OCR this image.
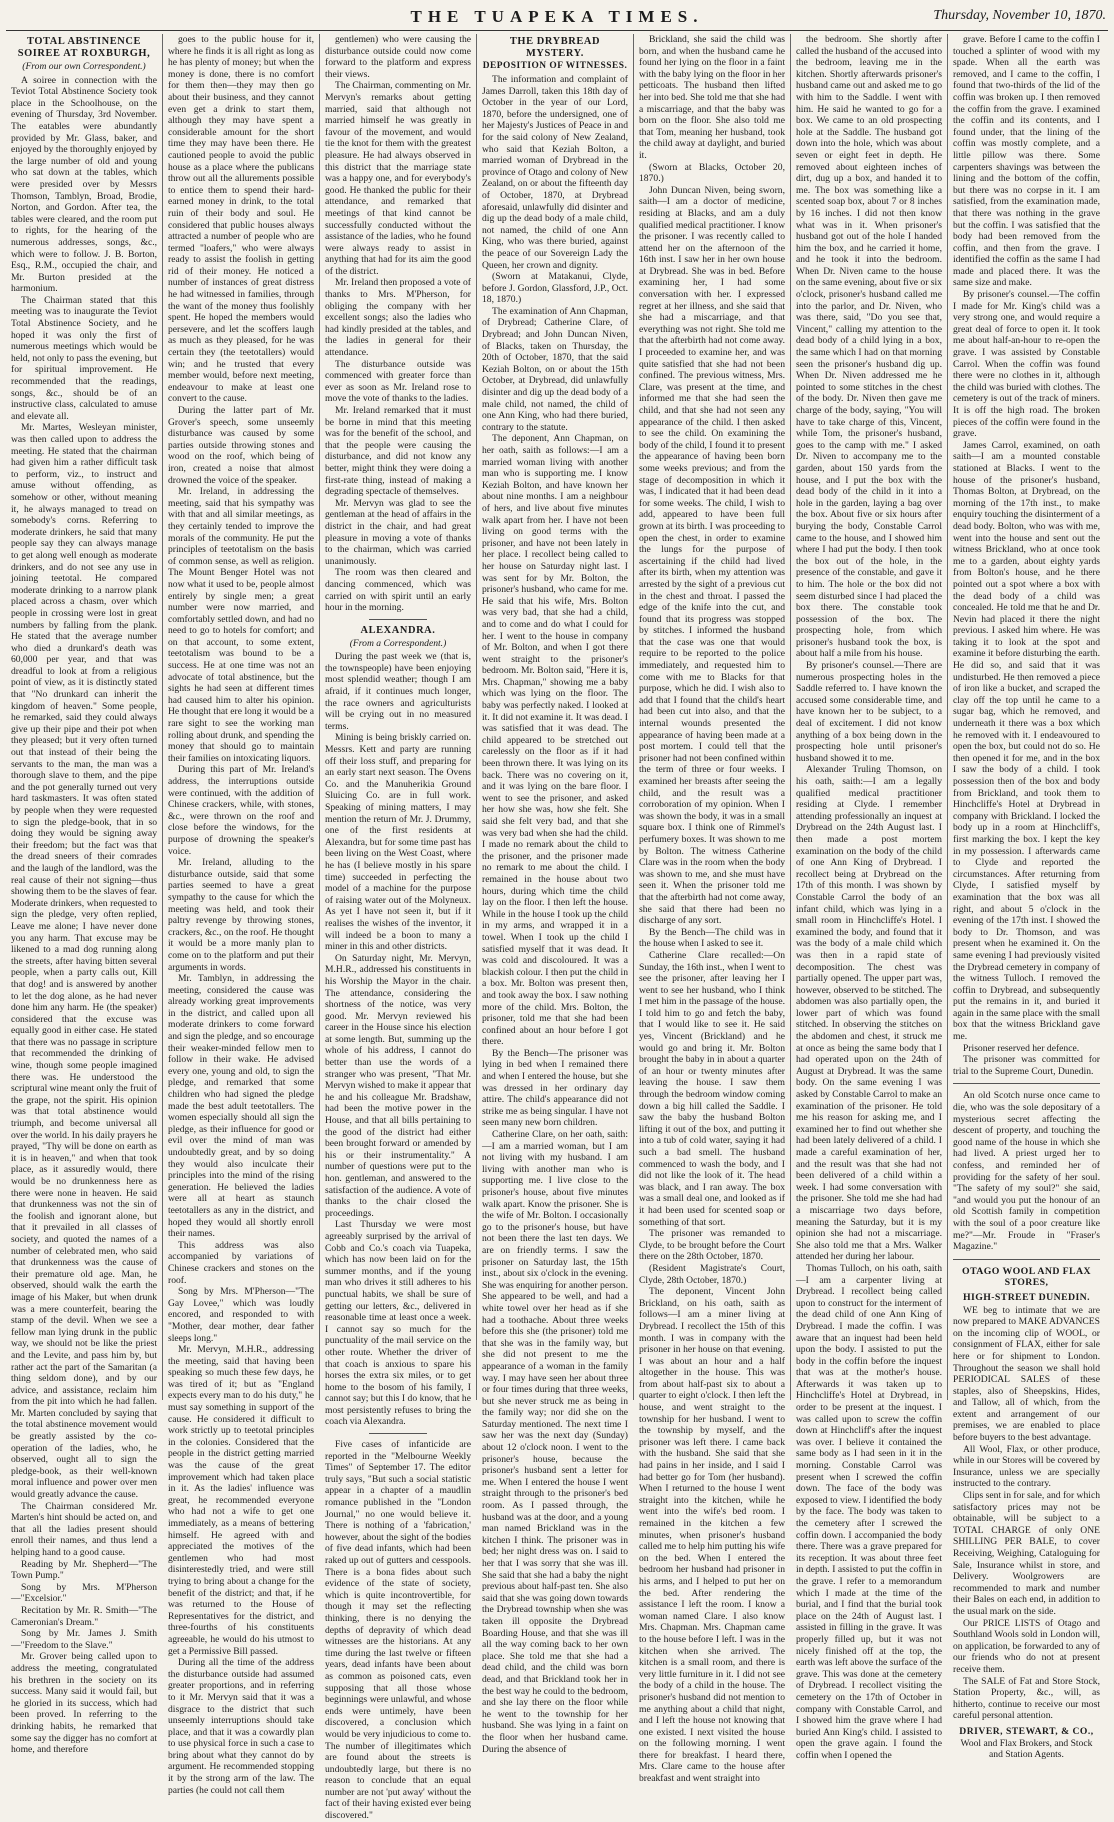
THE TUAPEKA TIMES.	Thursday, November 10, 1870.
TOTAL ABSTINENCE SOIREE AT ROXBURGH,

(From our own Correspondent.)

A soiree in connection with the Teviot Total Abstinence Society took place in the Schoolhouse, on the evening of Thursday, 3rd November. The eatables were abundantly provided by Mr. Glass, baker, and enjoyed by the thoroughly enjoyed by the large number of old and young who sat down at the tables, which were presided over by Messrs Thomson, Tamblyn, Broad, Brodie, Norton, and Gordon. After tea, the tables were cleared, and the room put to rights, for the hearing of the numerous addresses, songs, &c., which were to follow. J. B. Borton, Esq., R.M., occupied the chair, and Mr. Burton presided at the harmonium.

The Chairman stated that this meeting was to inaugurate the Teviot Total Abstinence Society, and he hoped it was only the first of numerous meetings which would be held, not only to pass the evening, but for spiritual improvement. He recommended that the readings, songs, &c., should be of an instructive class, calculated to amuse and elevate all.

Mr. Martes, Wesleyan minister, was then called upon to address the meeting. He stated that the chairman had given him a rather difficult task to perform, viz., to instruct and amuse without offending, as somehow or other, without meaning it, he always managed to tread on somebody's corns. Referring to moderate drinkers, he said that many people say they can always manage to get along well enough as moderate drinkers, and do not see any use in joining teetotal. He compared moderate drinking to a narrow plank placed across a chasm, over which people in crossing were lost in great numbers by falling from the plank. He stated that the average number who died a drunkard's death was 60,000 per year, and that was dreadful to look at from a religious point of view, as it is distinctly stated that "No drunkard can inherit the kingdom of heaven." Some people, he remarked, said they could always give up their pipe and their pot when they pleased; but it very often turned out that instead of their being the servants to the man, the man was a thorough slave to them, and the pipe and the pot generally turned out very hard taskmasters. It was often stated by people when they were requested to sign the pledge-book, that in so doing they would be signing away their freedom; but the fact was that the dread sneers of their comrades and the laugh of the landlord, was the real cause of their not signing—thus showing them to be the slaves of fear. Moderate drinkers, when requested to sign the pledge, very often replied, Leave me alone; I have never done you any harm. That excuse may be likened to a mad dog running along the streets, after having bitten several people, when a party calls out, Kill that dog! and is answered by another to let the dog alone, as he had never done him any harm. He (the speaker) considered that the excuse was equally good in either case. He stated that there was no passage in scripture that recommended the drinking of wine, though some people imagined there was. He understood the scriptural wine meant only the fruit of the grape, not the spirit. His opinion was that total abstinence would triumph, and become universal all over the world. In his daily prayers he prayed, "Thy will be done on earth as it is in heaven," and when that took place, as it assuredly would, there would be no drunkenness here as there were none in heaven. He said that drunkenness was not the sin of the foolish and ignorant alone, but that it prevailed in all classes of society, and quoted the names of a number of celebrated men, who said that drunkenness was the cause of their premature old age. Man, he observed, should walk the earth the image of his Maker, but when drunk was a mere counterfeit, bearing the stamp of the devil. When we see a fellow man lying drunk in the public way, we should not be like the priest and the Levite, and pass him by, but rather act the part of the Samaritan (a thing seldom done), and by our advice, and assistance, reclaim him from the pit into which he had fallen. Mr. Marten concluded by saying that the total abstinence movement would be greatly assisted by the co-operation of the ladies, who, he observed, ought all to sign the pledge-book, as their well-known moral influence and power over men would greatly advance the cause.

The Chairman considered Mr. Marten's hint should be acted on, and that all the ladies present should enroll their names, and thus lend a helping hand to a good cause.

Reading by Mr. Shepherd—"The Town Pump."

Song by Mrs. M'Pherson—"Excelsior."

Recitation by Mr. R. Smith—"The Cameronian's Dream."

Song by Mr. James J. Smith—"Freedom to the Slave."

Mr. Grover being called upon to address the meeting, congratulated his brethren in the society on its success. Many said it would fail, but he gloried in its success, which had been proved. In referring to the drinking habits, he remarked that some say the digger has no comfort at home, and therefore

goes to the public house for it, where he finds it is all right as long as he has plenty of money; but when the money is done, there is no comfort for them then—they may then go about their business, and they cannot even get a drink to start them, although they may have spent a considerable amount for the short time they may have been there. He cautioned people to avoid the public house as a place where the publicans throw out all the allurements possible to entice them to spend their hard-earned money in drink, to the total ruin of their body and soul. He considered that public houses always attracted a number of people who are termed "loafers," who were always ready to assist the foolish in getting rid of their money. He noticed a number of instances of great distress he had witnessed in families, through the want of the money thus foolishly spent. He hoped the members would persevere, and let the scoffers laugh as much as they pleased, for he was certain they (the teetotallers) would win; and he trusted that every member would, before next meeting, endeavour to make at least one convert to the cause.

During the latter part of Mr. Grover's speech, some unseemly disturbance was caused by some parties outside throwing stones and wood on the roof, which being of iron, created a noise that almost drowned the voice of the speaker.

Mr. Ireland, in addressing the meeting, said that his sympathy was with that and all similar meetings, as they certainly tended to improve the morals of the community. He put the principles of teetotalism on the basis of common sense, as well as religion. The Mount Benger Hotel was not now what it used to be, people almost entirely by single men; a great number were now married, and comfortably settled down, and had no need to go to hotels for comfort; and on that account, to some extent, teetotalism was bound to be a success. He at one time was not an advocate of total abstinence, but the sights he had seen at different times had caused him to alter his opinion. He thought that ere long it would be a rare sight to see the working man rolling about drunk, and spending the money that should go to maintain their families on intoxicating liquors.

During this part of Mr. Ireland's address, the interruptions outside were continued, with the addition of Chinese crackers, while, with stones, &c., were thrown on the roof and close before the windows, for the purpose of drowning the speaker's voice.

Mr. Ireland, alluding to the disturbance outside, said that some parties seemed to have a great sympathy to the cause for which the meeting was held, and took their paltry revenge by throwing stones, crackers, &c., on the roof. He thought it would be a more manly plan to come on to the platform and put their arguments in words.

Mr. Tamblyn, in addressing the meeting, considered the cause was already working great improvements in the district, and called upon all moderate drinkers to come forward and sign the pledge, and so encourage their weaker-minded fellow men to follow in their wake. He advised every one, young and old, to sign the pledge, and remarked that some children who had signed the pledge made the best adult teetotallers. The women especially should all sign the pledge, as their influence for good or evil over the mind of man was undoubtedly great, and by so doing they would also inculcate their principles into the mind of the rising generation. He believed the ladies were all at heart as staunch teetotallers as any in the district, and hoped they would all shortly enroll their names.

This address was also accompanied by variations of Chinese crackers and stones on the roof.

Song by Mrs. M'Pherson—"The Gay Lovee," which was loudly encored, and responded to with "Mother, dear mother, dear father sleeps long."

Mr. Mervyn, M.H.R., addressing the meeting, said that having been speaking so much these few days, he was tired of it; but as "England expects every man to do his duty," he must say something in support of the cause. He considered it difficult to work strictly up to teetotal principles in the colonies. Considered that the people in the district getting married was the cause of the great improvement which had taken place in it. As the ladies' influence was great, he recommended everyone who had not a wife to get one immediately, as a means of bettering himself. He agreed with and appreciated the motives of the gentlemen who had most disinterestedly tried, and were still trying to bring about a change for the benefit of the district; and that, if he was returned to the House of Representatives for the district, and three-fourths of his constituents agreeable, he would do his utmost to get a Permissive Bill passed.

During all the time of the address the disturbance outside had assumed greater proportions, and in referring to it Mr. Mervyn said that it was a disgrace to the district that such unseemly interruptions should take place, and that it was a cowardly plan to use physical force in such a case to bring about what they cannot do by argument. He recommended stopping it by the strong arm of the law. The parties (he could not call them

gentlemen) who were causing the disturbance outside could now come forward to the platform and express their views.

The Chairman, commenting on Mr. Mervyn's remarks about getting married, said that although not married himself he was greatly in favour of the movement, and would tie the knot for them with the greatest pleasure. He had always observed in this district that the marriage state was a happy one, and for everybody's good. He thanked the public for their attendance, and remarked that meetings of that kind cannot be successfully conducted without the assistance of the ladies, who he found were always ready to assist in anything that had for its aim the good of the district.

Mr. Ireland then proposed a vote of thanks to Mrs. M'Pherson, for obliging the company with her excellent songs; also the ladies who had kindly presided at the tables, and the ladies in general for their attendance.

The disturbance outside was commenced with greater force than ever as soon as Mr. Ireland rose to move the vote of thanks to the ladies.

Mr. Ireland remarked that it must be borne in mind that this meeting was for the benefit of the school, and that the people were causing the disturbance, and did not know any better, might think they were doing a first-rate thing, instead of making a degrading spectacle of themselves.

Mr. Mervyn was glad to see the gentleman at the head of affairs in the district in the chair, and had great pleasure in moving a vote of thanks to the chairman, which was carried unanimously.

The room was then cleared and dancing commenced, which was carried on with spirit until an early hour in the morning.

ALEXANDRA.

(From a Correspondent.)

During the past week we (that is, the townspeople) have been enjoying most splendid weather; though I am afraid, if it continues much longer, the race owners and agriculturists will be crying out in no measured terms.

Mining is being briskly carried on. Messrs. Kett and party are running off their loss stuff, and preparing for an early start next season. The Ovens Co. and the Manuherikia Ground Sluicing Co. are in full work. Speaking of mining matters, I may mention the return of Mr. J. Drummy, one of the first residents at Alexandra, but for some time past has been living on the West Coast, where he has (I believe mostly in his spare time) succeeded in perfecting the model of a machine for the purpose of raising water out of the Molyneux. As yet I have not seen it, but if it realises the wishes of the inventor, it will indeed be a boon to many a miner in this and other districts.

On Saturday night, Mr. Mervyn, M.H.R., addressed his constituents in his Worship the Mayor in the chair. The attendance, considering the shortness of the notice, was very good. Mr. Mervyn reviewed his career in the House since his election at some length. But, summing up the whole of his address, I cannot do better than use the words of a stranger who was present, "That Mr. Mervyn wished to make it appear that he and his colleague Mr. Bradshaw, had been the motive power in the House, and that all bills pertaining to the good of the district had either been brought forward or amended by his or their instrumentality." A number of questions were put to the hon. gentleman, and answered to the satisfaction of the audience. A vote of thanks to the chair closed the proceedings.

Last Thursday we were most agreeably surprised by the arrival of Cobb and Co.'s coach via Tuapeka, which has now been laid on for the summer months, and if the young man who drives it still adheres to his punctual habits, we shall be sure of getting our letters, &c., delivered in reasonable time at least once a week. I cannot say so much for the punctuality of the mail service on the other route. Whether the driver of that coach is anxious to spare his horses the extra six miles, or to get home to the bosom of his family, I cannot say; but this I do know, that he most persistently refuses to bring the coach via Alexandra.

Five cases of infanticide are reported in the "Melbourne Weekly Times" of September 17. The editor truly says, "But such a social statistic appear in a chapter of a maudlin romance published in the "London Journal," no one would believe it. There is nothing of a 'fabrication,' however, about the sight of the bodies of five dead infants, which had been raked up out of gutters and cesspools. There is a bona fides about such evidence of the state of society, which is quite incontrovertible, for though it may set the reflecting thinking, there is no denying the depths of depravity of which dead witnesses are the historians. At any time during the last twelve or fifteen years, dead infants have been about as common as poisoned cats, even supposing that all those whose beginnings were unlawful, and whose ends were untimely, have been discovered, a conclusion which would be very injudicious to come to. The number of illegitimates which are found about the streets is undoubtedly large, but there is no reason to conclude that an equal number are not 'put away' without the fact of their having existed ever being discovered."

THE DRYBREAD MYSTERY.
DEPOSITION OF WITNESSES.

The information and complaint of James Darroll, taken this 18th day of October in the year of our Lord, 1870, before the undersigned, one of her Majesty's Justices of Peace in and for the said colony of New Zealand, who said that Keziah Bolton, a married woman of Drybread in the province of Otago and colony of New Zealand, on or about the fifteenth day of October, 1870, at Drybread aforesaid, unlawfully did disinter and dig up the dead body of a male child, not named, the child of one Ann King, who was there buried, against the peace of our Sovereign Lady the Queen, her crown and dignity.

(Sworn at Matakanui, Clyde, before J. Gordon, Glassford, J.P., Oct. 18, 1870.)

The examination of Ann Chapman, of Drybread; Catherine Clare, of Drybread; and John Duncan Niven, of Blacks, taken on Thursday, the 20th of October, 1870, that the said Keziah Bolton, on or about the 15th October, at Drybread, did unlawfully disinter and dig up the dead body of a male child, not named, the child of one Ann King, who had there buried, contrary to the statute.

The deponent, Ann Chapman, on her oath, saith as follows:—I am a married woman living with another man who is supporting me. I know Keziah Bolton, and have known her about nine months. I am a neighbour of hers, and live about five minutes walk apart from her. I have not been living on good terms with the prisoner, and have not been lately in her place. I recollect being called to her house on Saturday night last. I was sent for by Mr. Bolton, the prisoner's husband, who came for me. He said that his wife, Mrs. Bolton was very bad, that she had a child, and to come and do what I could for her. I went to the house in company of Mr. Bolton, and when I got there went straight to the prisoner's bedroom. Mr. Bolton said, "Here it is, Mrs. Chapman," showing me a baby which was lying on the floor. The baby was perfectly naked. I looked at it. It did not examine it. It was dead. I was satisfied that it was dead. The child appeared to be stretched out carelessly on the floor as if it had been thrown there. It was lying on its back. There was no covering on it, and it was lying on the bare floor. I went to see the prisoner, and asked her how she was, how she felt. She said she felt very bad, and that she was very bad when she had the child. I made no remark about the child to the prisoner, and the prisoner made no remark to me about the child. I remained in the house about two hours, during which time the child lay on the floor. I then left the house. While in the house I took up the child in my arms, and wrapped it in a towel. When I took up the child I satisfied myself that it was dead. It was cold and discoloured. It was a blackish colour. I then put the child in a box. Mr. Bolton was present then, and took away the box. I saw nothing more of the child. Mrs. Bolton, the prisoner, told me that she had been confined about an hour before I got there.

By the Bench—The prisoner was lying in bed when I remained there and when I entered the house, but she was dressed in her ordinary day attire. The child's appearance did not strike me as being singular. I have not seen many new born children.

Catherine Clare, on her oath, saith:—I am a married woman, but I am not living with my husband. I am living with another man who is supporting me. I live close to the prisoner's house, about five minutes walk apart. Know the prisoner. She is the wife of Mr. Bolton. I occasionally go to the prisoner's house, but have not been there the last ten days. We are on friendly terms. I saw the prisoner on Saturday last, the 15th inst., about six o'clock in the evening. She was enquiring for another person. She appeared to be well, and had a white towel over her head as if she had a toothache. About three weeks before this she (the prisoner) told me that she was in the family way, but she did not present to me the appearance of a woman in the family way. I may have seen her about three or four times during that three weeks, but she never struck me as being in the family way; nor did she on the Saturday mentioned. The next time I saw her was the next day (Sunday) about 12 o'clock noon. I went to the prisoner's house, because the prisoner's husband sent a letter for me. When I entered the house I went straight through to the prisoner's bed room. As I passed through, the husband was at the door, and a young man named Brickland was in the kitchen I think. The prisoner was in bed; her night dress was on. I said to her that I was sorry that she was ill. She said that she had a baby the night previous about half-past ten. She also said that she was going down towards the Drybread township when she was taken ill opposite the Drybread Boarding House, and that she was ill all the way coming back to her own place. She told me that she had a dead child, and the child was born dead, and that Brickland took her in the best way he could to the bedroom, and she lay there on the floor while he went to the township for her husband. She was lying in a faint on the floor when her husband came. During the absence of

Brickland, she said the child was born, and when the husband came he found her lying on the floor in a faint with the baby lying on the floor in her petticoats. The husband then lifted her into bed. She told me that she had a miscarriage, and that the baby was born on the floor. She also told me that Tom, meaning her husband, took the child away at daylight, and buried it.

(Sworn at Blacks, October 20, 1870.)

John Duncan Niven, being sworn, saith—I am a doctor of medicine, residing at Blacks, and am a duly qualified medical practitioner. I know the prisoner. I was recently called to attend her on the afternoon of the 16th inst. I saw her in her own house at Drybread. She was in bed. Before examining her, I had some conversation with her. I expressed regret at her illness, and she said that she had a miscarriage, and that everything was not right. She told me that the afterbirth had not come away. I proceeded to examine her, and was quite satisfied that she had not been confined. The previous witness, Mrs. Clare, was present at the time, and informed me that she had seen the child, and that she had not seen any appearance of the child. I then asked to see the child. On examining the body of the child, I found it to present the appearance of having been born some weeks previous; and from the stage of decomposition in which it was, I indicated that it had been dead for some weeks. The child, I wish to add, appeared to have been full grown at its birth. I was proceeding to open the chest, in order to examine the lungs for the purpose of ascertaining if the child had lived after its birth, when my attention was arrested by the sight of a previous cut in the chest and throat. I passed the edge of the knife into the cut, and found that its progress was stopped by stitches. I informed the husband that the case was one that would require to be reported to the police immediately, and requested him to come with me to Blacks for that purpose, which he did. I wish also to add that I found that the child's heart had been cut into also, and that the internal wounds presented the appearance of having been made at a post mortem. I could tell that the prisoner had not been confined within the term of three or four weeks. I examined her breasts after seeing the child, and the result was a corroboration of my opinion. When I was shown the body, it was in a small square box. I think one of Rimmel's perfumery boxes. It was shown to me by Bolton. The witness Catherine Clare was in the room when the body was shown to me, and she must have seen it. When the prisoner told me that the afterbirth had not come away, she said that there had been no discharge of any sort.

By the Bench—The child was in the house when I asked to see it.

Catherine Clare recalled:—On Sunday, the 16th inst., when I went to see the prisoner, after leaving her I went to see her husband, who I think I met him in the passage of the house. I told him to go and fetch the baby, that I would like to see it. He said yes, Vincent (Brickland) and he would go and bring it. Mr. Bolton brought the baby in in about a quarter of an hour or twenty minutes after leaving the house. I saw them through the bedroom window coming down a big hill called the Saddle. I saw the baby the husband Bolton lifting it out of the box, and putting it into a tub of cold water, saying it had such a bad smell. The husband commenced to wash the body, and I did not like the look of it. The head was black, and I ran away. The box was a small deal one, and looked as if it had been used for scented soap or something of that sort.

The prisoner was remanded to Clyde, to be brought before the Court there on the 28th October, 1870.

(Resident Magistrate's Court, Clyde, 28th October, 1870.)

The deponent, Vincent John Brickland, on his oath, saith as follows—I am a miner living at Drybread. I recollect the 15th of this month. I was in company with the prisoner in her house on that evening. I was about an hour and a half altogether in the house. This was from about half-past six to about a quarter to eight o'clock. I then left the house, and went straight to the township for her husband. I went to the township by myself, and the prisoner was left there. I came back with the husband. She said that she had pains in her inside, and I said I had better go for Tom (her husband). When I returned to the house I went straight into the kitchen, while he went into the wife's bed room. I remained in the kitchen a few minutes, when prisoner's husband called me to help him putting his wife on the bed. When I entered the bedroom her husband had prisoner in his arms, and I helped to put her on the bed. After rendering the assistance I left the room. I know a woman named Clare. I also know Mrs. Chapman. Mrs. Chapman came to the house before I left. I was in the kitchen when she arrived. The kitchen is a small room, and there is very little furniture in it. I did not see the body of a child in the house. The prisoner's husband did not mention to me anything about a child that night, and I left the house not knowing that one existed. I next visited the house on the following morning. I went there for breakfast. I heard there, Mrs. Clare came to the house after breakfast and went straight into

the bedroom. She shortly after called the husband of the accused into the bedroom, leaving me in the kitchen. Shortly afterwards prisoner's husband came out and asked me to go with him to the Saddle. I went with him. He said he wanted to go for a box. We came to an old prospecting hole at the Saddle. The husband got down into the hole, which was about seven or eight feet in depth. He removed about eighteen inches of dirt, dug up a box, and handed it to me. The box was something like a scented soap box, about 7 or 8 inches by 16 inches. I did not then know what was in it. When prisoner's husband got out of the hole I handed him the box, and he carried it home, and he took it into the bedroom. When Dr. Niven came to the house on the same evening, about five or six o'clock, prisoner's husband called me into the parlor, and Dr. Niven, who was there, said, "Do you see that, Vincent," calling my attention to the dead body of a child lying in a box, the same which I had on that morning seen the prisoner's husband dig up. When Dr. Niven addressed me he pointed to some stitches in the chest of the body. Dr. Niven then gave me charge of the body, saying, "You will have to take charge of this, Vincent, while Tom, the prisoner's husband, goes to the camp with me." I asked Dr. Niven to accompany me to the garden, about 150 yards from the house, and I put the box with the dead body of the child in it into a hole in the garden, laying a bag over the box. About five or six hours after burying the body, Constable Carrol came to the house, and I showed him where I had put the body. I then took the box out of the hole, in the presence of the constable, and gave it to him. The hole or the box did not seem disturbed since I had placed the box there. The constable took possession of the box. The prospecting hole, from which prisoner's husband took the box, is about half a mile from his house.

By prisoner's counsel.—There are numerous prospecting holes in the Saddle referred to. I have known the accused some considerable time, and have known her to be subject, to a deal of excitement. I did not know anything of a box being down in the prospecting hole until prisoner's husband showed it to me.

Alexander Truling Thomson, on his oath, saith:—I am a legally qualified medical practitioner residing at Clyde. I remember attending professionally an inquest at Drybread on the 24th August last. I then made a post mortem examination on the body of the child of one Ann King of Drybread. I recollect being at Drybread on the 17th of this month. I was shown by Constable Carrol the body of an infant child, which was lying in a small room in Hinchcliffe's Hotel. I examined the body, and found that it was the body of a male child which was then in a rapid state of decomposition. The chest was partially opened. The upper part was, however, observed to be stitched. The abdomen was also partially open, the lower part of which was found stitched. In observing the stitches on the abdomen and chest, it struck me at once as being the same body that I had operated upon on the 24th of August at Drybread. It was the same body. On the same evening I was asked by Constable Carrol to make an examination of the prisoner. He told me his reason for asking me, and I examined her to find out whether she had been lately delivered of a child. I made a careful examination of her, and the result was that she had not been delivered of a child within a week. I had some conversation with the prisoner. She told me she had had a miscarriage two days before, meaning the Saturday, but it is my opinion she had not a miscarriage. She also told me that a Mrs. Walker attended her during her labour.

Thomas Tulloch, on his oath, saith—I am a carpenter living at Drybread. I recollect being called upon to construct for the interment of the dead child of one Ann King of Drybread. I made the coffin. I was aware that an inquest had been held upon the body. I assisted to put the body in the coffin before the inquest that was at the mother's house. Afterwards it was taken up to Hinchcliffe's Hotel at Drybread, in order to be present at the inquest. I was called upon to screw the coffin down at Hinchcliff's after the inquest was over. I believe it contained the same body as I had seen in it in the morning. Constable Carrol was present when I screwed the coffin down. The face of the body was exposed to view. I identified the body by the face. The body was taken to the cemetery after I screwed the coffin down. I accompanied the body there. There was a grave prepared for its reception. It was about three feet in depth. I assisted to put the coffin in the grave. I refer to a memorandum which I made at the time of the burial, and I find that the burial took place on the 24th of August last. I assisted in filling in the grave. It was properly filled up, but it was not nicely finished off at the top, the earth was left above the surface of the grave. This was done at the cemetery of Drybread. I recollect visiting the cemetery on the 17th of October in company with Constable Carrol, and I showed him the grave where I had buried Ann King's child. I assisted to open the grave again. I found the coffin when I opened the

grave. Before I came to the coffin I touched a splinter of wood with my spade. When all the earth was removed, and I came to the coffin, I found that two-thirds of the lid of the coffin was broken up. I then removed the coffin from the grave. I examined the coffin and its contents, and I found under, that the lining of the coffin was mostly complete, and a little pillow was there. Some carpenters shavings was between the lining and the bottom of the coffin, but there was no corpse in it. I am satisfied, from the examination made, that there was nothing in the grave but the coffin. I was satisfied that the body had been removed from the coffin, and then from the grave. I identified the coffin as the same I had made and placed there. It was the same size and make.

By prisoner's counsel.—The coffin I made for Mr. King's child was a very strong one, and would require a great deal of force to open it. It took me about half-an-hour to re-open the grave. I was assisted by Constable Carrol. When the coffin was found there were no clothes in it, although the child was buried with clothes. The cemetery is out of the track of miners. It is off the high road. The broken pieces of the coffin were found in the grave.

James Carrol, examined, on oath saith—I am a mounted constable stationed at Blacks. I went to the house of the prisoner's husband, Thomas Bolton, at Drybread, on the morning of the 17th inst., to make enquiry touching the disinterment of a dead body. Bolton, who was with me, went into the house and sent out the witness Brickland, who at once took me to a garden, about eighty yards from Bolton's house, and he there pointed out a spot where a box with the dead body of a child was concealed. He told me that he and Dr. Nevin had placed it there the night previous. I asked him where. He was taking it to look at the spot and examine it before disturbing the earth. He did so, and said that it was undisturbed. He then removed a piece of iron like a bucket, and scraped the clay off the top until he came to a sugar bag, which he removed, and underneath it there was a box which he removed with it. I endeavoured to open the box, but could not do so. He then opened it for me, and in the box I saw the body of a child. I took possession then of the box and body from Brickland, and took them to Hinchcliffe's Hotel at Drybread in company with Brickland. I locked the body up in a room at Hinchcliff's, first marking the box. I kept the key in my possession. I afterwards came to Clyde and reported the circumstances. After returning from Clyde, I satisfied myself by examination that the box was all right, and about 5 o'clock in the evening of the 17th inst. I showed the body to Dr. Thomson, and was present when he examined it. On the same evening I had previously visited the Drybread cemetery in company of the witness Tulloch. I removed the coffin to Drybread, and subsequently put the remains in it, and buried it again in the same place with the small box that the witness Brickland gave me.

Prisoner reserved her defence.

The prisoner was committed for trial to the Supreme Court, Dunedin.

An old Scotch nurse once came to die, who was the sole depositary of a mysterious secret affecting the descent of property, and touching the good name of the house in which she had lived. A priest urged her to confess, and reminded her of providing for the safety of her soul. "The safety of my soul?" she said, "and would you put the honour of an old Scottish family in competition with the soul of a poor creature like me?"—Mr. Froude in "Fraser's Magazine."

OTAGO WOOL AND FLAX STORES,

HIGH-STREET DUNEDIN.

WE beg to intimate that we are now prepared to MAKE ADVANCES on the incoming clip of WOOL, or consignment of FLAX, either for sale here or for shipment to London. Throughout the season we shall hold PERIODICAL SALES of these staples, also of Sheepskins, Hides, and Tallow, all of which, from the extent and arrangement of our premises, we are enabled to place before buyers to the best advantage.

All Wool, Flax, or other produce, while in our Stores will be covered by Insurance, unless we are specially instructed to the contrary.

Clips sent in for sale, and for which satisfactory prices may not be obtainable, will be subject to a TOTAL CHARGE of only ONE SHILLING PER BALE, to cover Receiving, Weighing, Cataloguing for Sale, Insurance whilst in store, and Delivery. Woolgrowers are recommended to mark and number their Bales on each end, in addition to the usual mark on the side.

Our PRICE LISTS of Otago and Southland Wools sold in London will, on application, be forwarded to any of our friends who do not at present receive them.

The SALE of Fat and Store Stock, Station Property, &c., will, as hitherto, continue to receive our most careful personal attention.

DRIVER, STEWART, & CO.,

Wool and Flax Brokers, and Stock and Station Agents.
